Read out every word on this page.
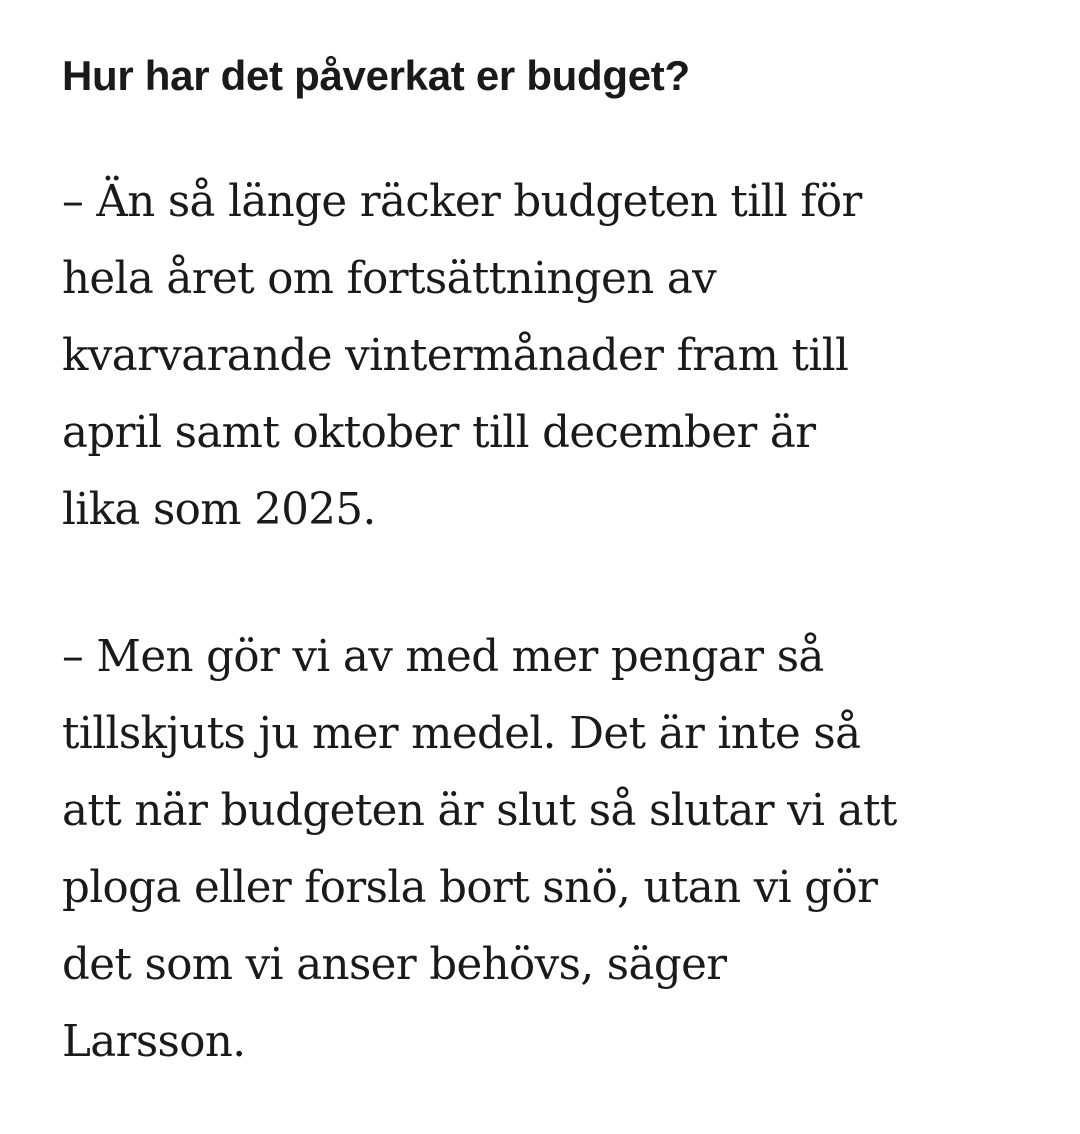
Hur har det påverkat er budget?

– Än så länge räcker budgeten till för
hela året om fortsättningen av
kvarvarande vintermånader fram till
april samt oktober till december är
lika som 2025.

– Men gör vi av med mer pengar så
tillskjuts ju mer medel. Det är inte så
att när budgeten är slut så slutar vi att
ploga eller forsla bort snö, utan vi gör
det som vi anser behövs, säger
Larsson.
